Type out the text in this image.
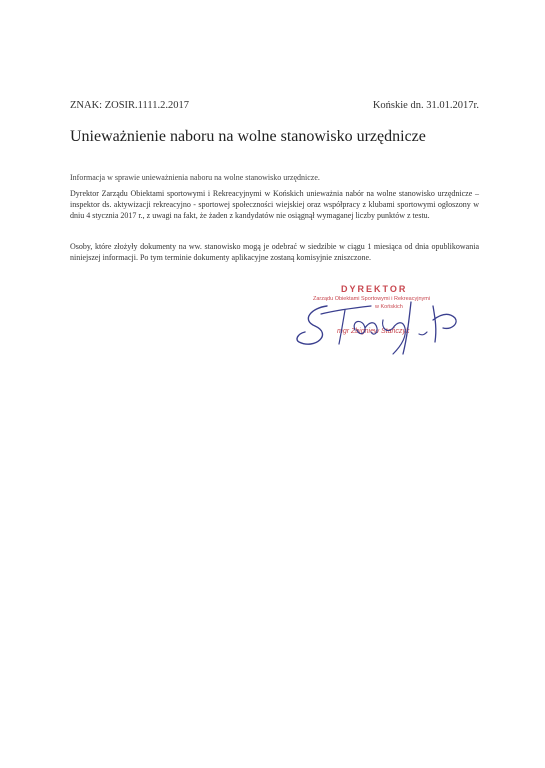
ZNAK: ZOSIR.1111.2.2017	Końskie dn. 31.01.2017r.
Unieważnienie naboru na wolne stanowisko urzędnicze
Informacja w sprawie unieważnienia naboru na wolne stanowisko urzędnicze.
Dyrektor Zarządu Obiektami sportowymi i Rekreacyjnymi w Końskich unieważnia nabór na wolne stanowisko urzędnicze – inspektor ds. aktywizacji rekreacyjno - sportowej społeczności wiejskiej oraz współpracy z klubami sportowymi ogłoszony w dniu 4 stycznia 2017 r., z uwagi na fakt, że żaden z kandydatów nie osiągnął wymaganej liczby punktów z testu.
Osoby, które złożyły dokumenty na ww. stanowisko mogą je odebrać w siedzibie w ciągu 1 miesiąca od dnia opublikowania niniejszej informacji. Po tym terminie dokumenty aplikacyjne zostaną komisyjnie zniszczone.
DYREKTOR
Zarządu Obiektami Sportowymi i Rekreacyjnymi
w Końskich
mgr Zbigniew Stańczyk
